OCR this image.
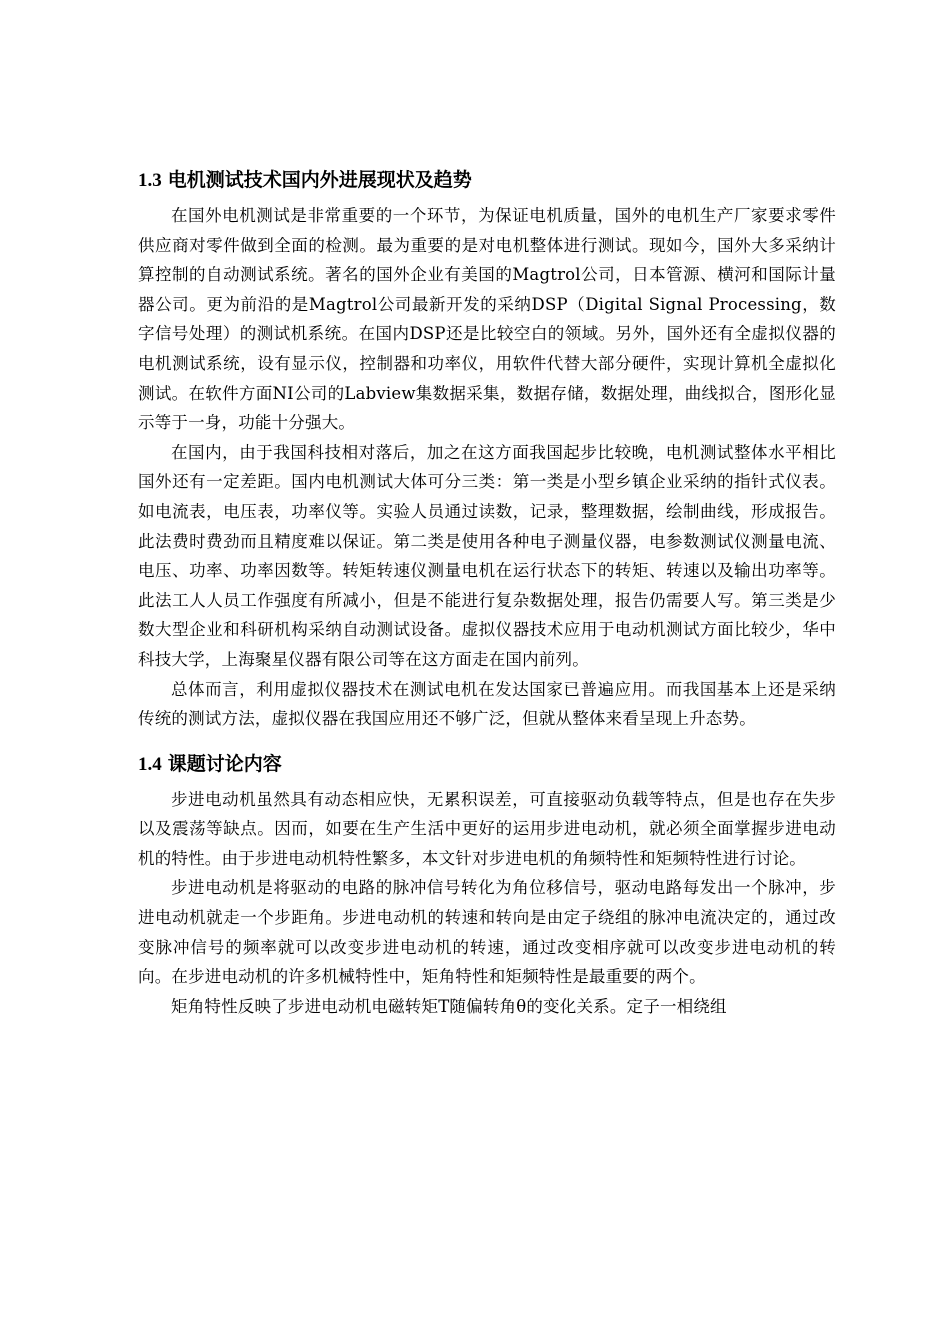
1.3 电机测试技术国内外进展现状及趋势

在国外电机测试是非常重要的一个环节，为保证电机质量，国外的电机生产厂家要求零件供应商对零件做到全面的检测。最为重要的是对电机整体进行测试。现如今，国外大多采纳计算控制的自动测试系统。著名的国外企业有美国的Magtrol公司，日本管源、横河和国际计量器公司。更为前沿的是Magtrol公司最新开发的采纳DSP（Digital Signal Processing，数字信号处理）的测试机系统。在国内DSP还是比较空白的领域。另外，国外还有全虚拟仪器的电机测试系统，设有显示仪，控制器和功率仪，用软件代替大部分硬件，实现计算机全虚拟化测试。在软件方面NI公司的Labview集数据采集，数据存储，数据处理，曲线拟合，图形化显示等于一身，功能十分强大。

在国内，由于我国科技相对落后，加之在这方面我国起步比较晚，电机测试整体水平相比国外还有一定差距。国内电机测试大体可分三类：第一类是小型乡镇企业采纳的指针式仪表。如电流表，电压表，功率仪等。实验人员通过读数，记录，整理数据，绘制曲线，形成报告。此法费时费劲而且精度难以保证。第二类是使用各种电子测量仪器，电参数测试仪测量电流、电压、功率、功率因数等。转矩转速仪测量电机在运行状态下的转矩、转速以及输出功率等。此法工人人员工作强度有所减小，但是不能进行复杂数据处理，报告仍需要人写。第三类是少数大型企业和科研机构采纳自动测试设备。虚拟仪器技术应用于电动机测试方面比较少，华中科技大学，上海聚星仪器有限公司等在这方面走在国内前列。

总体而言，利用虚拟仪器技术在测试电机在发达国家已普遍应用。而我国基本上还是采纳传统的测试方法，虚拟仪器在我国应用还不够广泛，但就从整体来看呈现上升态势。

1.4 课题讨论内容

步进电动机虽然具有动态相应快，无累积误差，可直接驱动负载等特点，但是也存在失步以及震荡等缺点。因而，如要在生产生活中更好的运用步进电动机，就必须全面掌握步进电动机的特性。由于步进电动机特性繁多，本文针对步进电机的角频特性和矩频特性进行讨论。

步进电动机是将驱动的电路的脉冲信号转化为角位移信号，驱动电路每发出一个脉冲，步进电动机就走一个步距角。步进电动机的转速和转向是由定子绕组的脉冲电流决定的，通过改变脉冲信号的频率就可以改变步进电动机的转速，通过改变相序就可以改变步进电动机的转向。在步进电动机的许多机械特性中，矩角特性和矩频特性是最重要的两个。

矩角特性反映了步进电动机电磁转矩T随偏转角θ的变化关系。定子一相绕组
